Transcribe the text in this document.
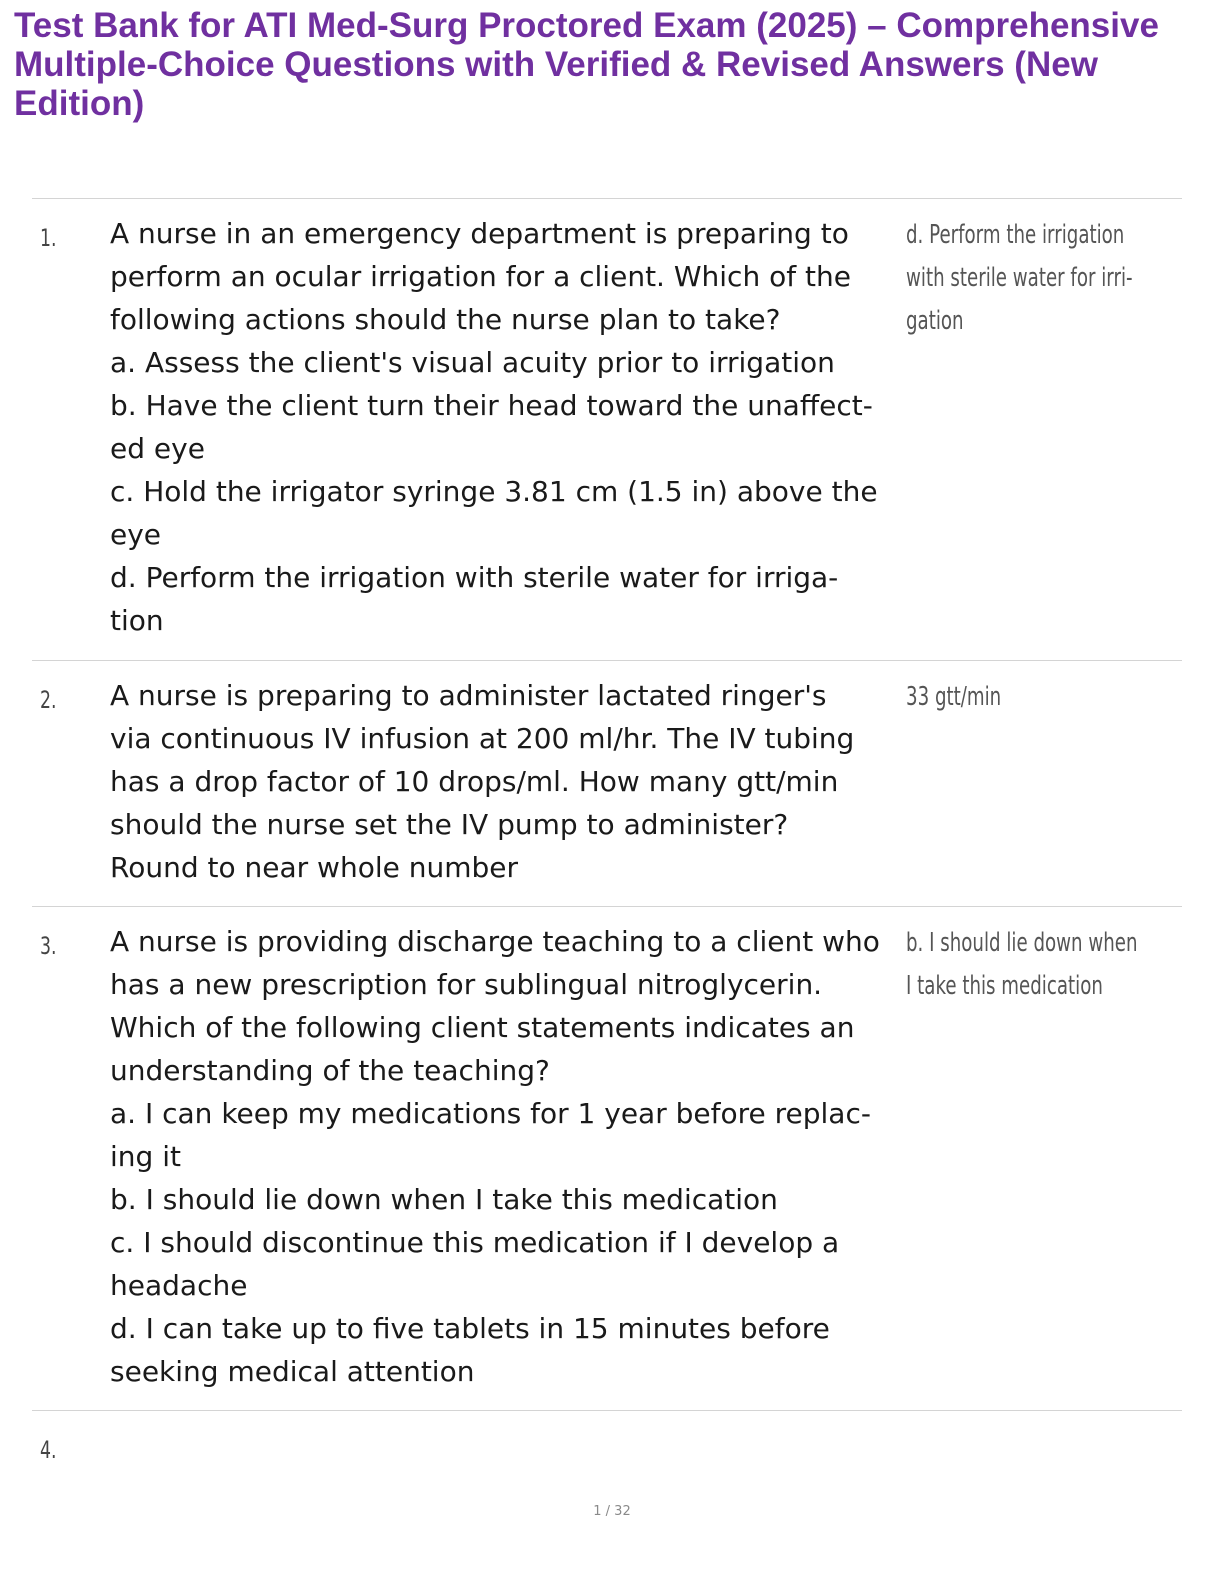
Test Bank for ATI Med-Surg Proctored Exam (2025) – Comprehensive Multiple-Choice Questions with Verified & Revised Answers (New Edition)
1. A nurse in an emergency department is preparing to
perform an ocular irrigation for a client. Which of the
following actions should the nurse plan to take?
a. Assess the client's visual acuity prior to irrigation
b. Have the client turn their head toward the unaffect-
ed eye
c. Hold the irrigator syringe 3.81 cm (1.5 in) above the
eye
d. Perform the irrigation with sterile water for irriga-
tion
d. Perform the irrigation
with sterile water for irri-
gation
2. A nurse is preparing to administer lactated ringer's
via continuous IV infusion at 200 ml/hr. The IV tubing
has a drop factor of 10 drops/ml. How many gtt/min
should the nurse set the IV pump to administer?
Round to near whole number
33 gtt/min
3. A nurse is providing discharge teaching to a client who
has a new prescription for sublingual nitroglycerin.
Which of the following client statements indicates an
understanding of the teaching?
a. I can keep my medications for 1 year before replac-
ing it
b. I should lie down when I take this medication
c. I should discontinue this medication if I develop a
headache
d. I can take up to five tablets in 15 minutes before
seeking medical attention
b. I should lie down when
I take this medication
4.
1 / 32
